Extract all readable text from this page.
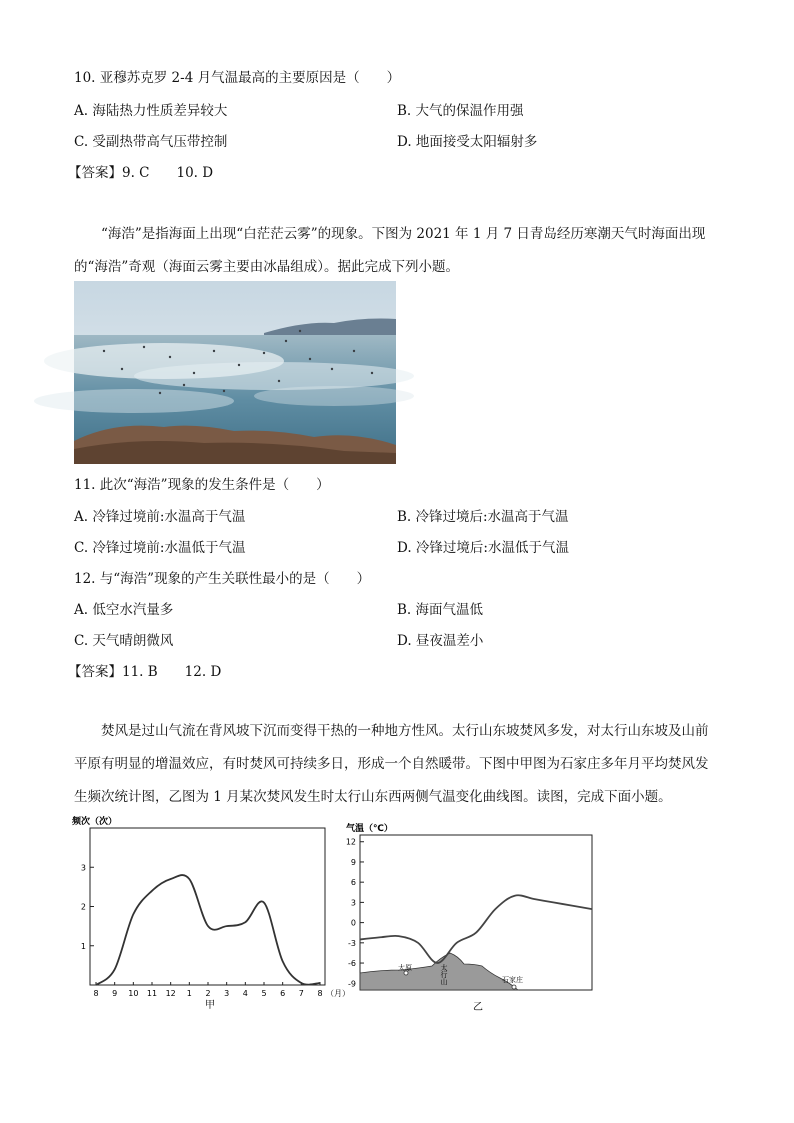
10. 亚穆苏克罗 2-4 月气温最高的主要原因是（　　）
A. 海陆热力性质差异较大	B. 大气的保温作用强
C. 受副热带高气压带控制	D. 地面接受太阳辐射多
【答案】9. C　　10. D
“海浩”是指海面上出现“白茫茫云雾”的现象。下图为 2021 年 1 月 7 日青岛经历寒潮天气时海面出现的“海浩”奇观（海面云雾主要由冰晶组成）。据此完成下列小题。
11. 此次“海浩”现象的发生条件是（　　）
A. 冷锋过境前:水温高于气温	B. 冷锋过境后:水温高于气温
C. 冷锋过境前:水温低于气温	D. 冷锋过境后:水温低于气温
12. 与“海浩”现象的产生关联性最小的是（　　）
A. 低空水汽量多	B. 海面气温低
C. 天气晴朗微风	D. 昼夜温差小
【答案】11. B　　12. D
焚风是过山气流在背风坡下沉而变得干热的一种地方性风。太行山东坡焚风多发，对太行山东坡及山前平原有明显的增温效应，有时焚风可持续多日，形成一个自然暖带。下图中甲图为石家庄多年月平均焚风发生频次统计图，乙图为 1 月某次焚风发生时太行山东西两侧气温变化曲线图。读图，完成下面小题。
频次（次）
1
2
3
8 9 10 11 12 1 2 3 4 5 6 7 8 （月）
甲
气温（℃）
12
9
6
3
0
-3
-6
-9
太原
石家庄
太行山
乙
